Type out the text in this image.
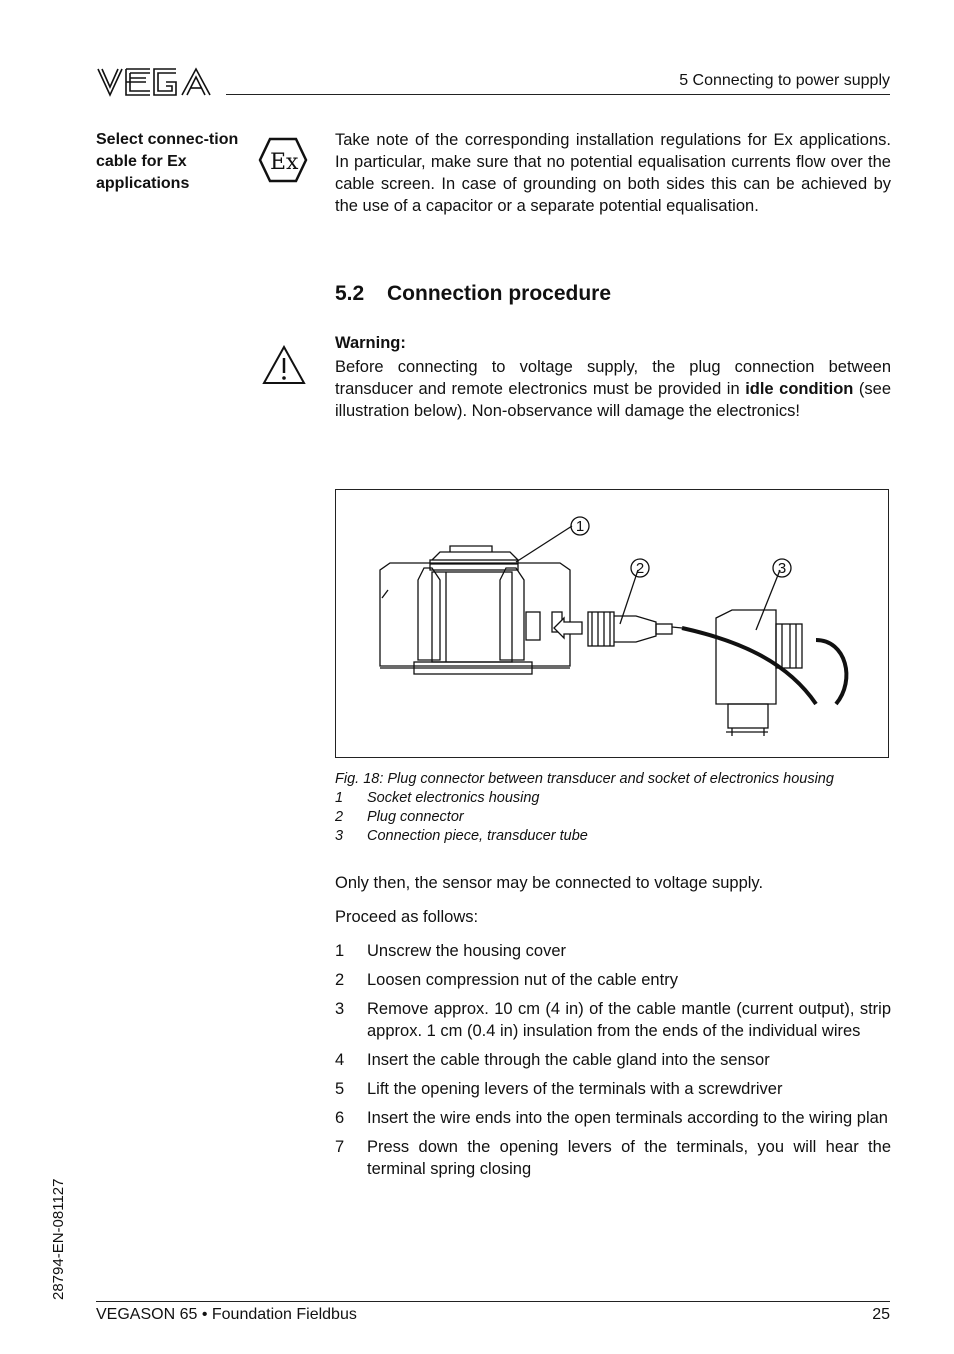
5 Connecting to power supply
Select connec-tion cable for Ex applications
Ex
Take note of the corresponding installation regulations for Ex applications. In particular, make sure that no potential equalisation currents flow over the cable screen. In case of grounding on both sides this can be achieved by the use of a capacitor or a separate potential equalisation.
5.2 Connection procedure
Warning:
Before connecting to voltage supply, the plug connection between transducer and remote electronics must be provided in idle condition (see illustration below). Non-observance will damage the electronics!
1
2	3
Fig. 18: Plug connector between transducer and socket of electronics housing
1	Socket electronics housing
2	Plug connector
3	Connection piece, transducer tube
Only then, the sensor may be connected to voltage supply.
Proceed as follows:
1	Unscrew the housing cover
2	Loosen compression nut of the cable entry
3	Remove approx. 10 cm (4 in) of the cable mantle (current output), strip approx. 1 cm (0.4 in) insulation from the ends of the individual wires
4	Insert the cable through the cable gland into the sensor
5	Lift the opening levers of the terminals with a screwdriver
6	Insert the wire ends into the open terminals according to the wiring plan
7	Press down the opening levers of the terminals, you will hear the terminal spring closing
28794-EN-081127
VEGASON 65 • Foundation Fieldbus	25
